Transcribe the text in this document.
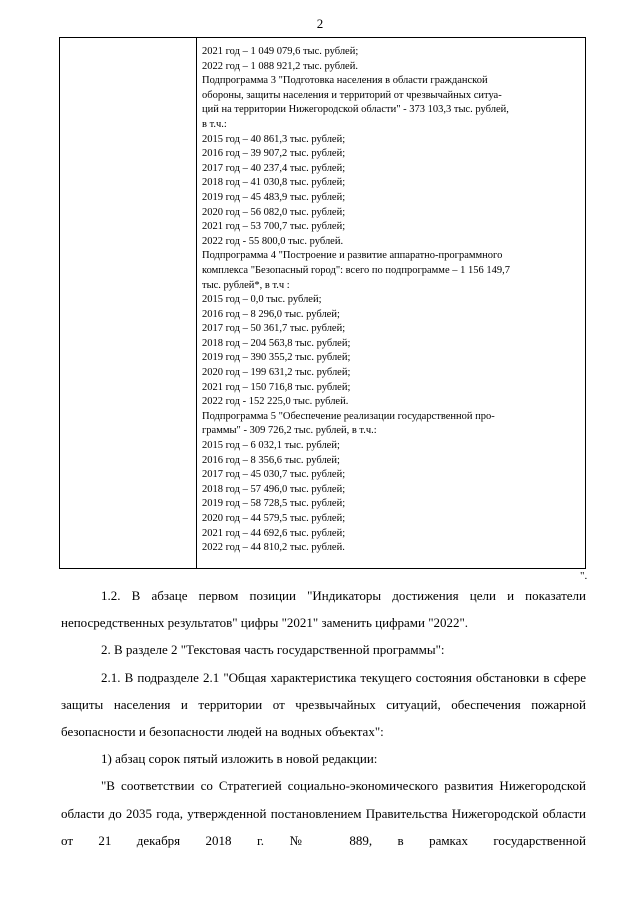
2
2021 год – 1 049 079,6 тыс. рублей;
2022 год – 1 088 921,2 тыс. рублей.
Подпрограмма 3 "Подготовка населения в области гражданской
обороны, защиты населения и территорий от чрезвычайных ситуа-
ций на территории Нижегородской области" - 373 103,3 тыс. рублей,
в т.ч.:
2015 год – 40 861,3 тыс. рублей;
2016 год – 39 907,2 тыс. рублей;
2017 год – 40 237,4 тыс. рублей;
2018 год – 41 030,8 тыс. рублей;
2019 год – 45 483,9 тыс. рублей;
2020 год – 56 082,0 тыс. рублей;
2021 год – 53 700,7 тыс. рублей;
2022 год - 55 800,0 тыс. рублей.
Подпрограмма 4 "Построение и развитие аппаратно-программного
комплекса "Безопасный город": всего по подпрограмме – 1 156 149,7
тыс. рублей*, в т.ч :
2015 год – 0,0 тыс. рублей;
2016 год – 8 296,0 тыс. рублей;
2017 год – 50 361,7 тыс. рублей;
2018 год – 204 563,8 тыс. рублей;
2019 год – 390 355,2 тыс. рублей;
2020 год – 199 631,2 тыс. рублей;
2021 год – 150 716,8 тыс. рублей;
2022 год - 152 225,0 тыс. рублей.
Подпрограмма 5 "Обеспечение реализации государственной про-
граммы" - 309 726,2 тыс. рублей, в т.ч.:
2015 год – 6 032,1 тыс. рублей;
2016 год – 8 356,6 тыс. рублей;
2017 год – 45 030,7 тыс. рублей;
2018 год – 57 496,0 тыс. рублей;
2019 год – 58 728,5 тыс. рублей;
2020 год – 44 579,5 тыс. рублей;
2021 год – 44 692,6 тыс. рублей;
2022 год – 44 810,2 тыс. рублей.
".

1.2. В абзаце первом позиции "Индикаторы достижения цели и показатели непосредственных результатов" цифры "2021" заменить цифрами "2022".

2. В разделе 2 "Текстовая часть государственной программы":

2.1. В подразделе 2.1 "Общая характеристика текущего состояния обстановки в сфере защиты населения и территории от чрезвычайных ситуаций, обеспечения пожарной безопасности и безопасности людей на водных объектах":

1) абзац сорок пятый изложить в новой редакции:

"В соответствии со Стратегией социально-экономического развития Нижегородской области до 2035 года, утвержденной постановлением Правительства Нижегородской области от 21 декабря 2018 г. № 889, в рамках государственной
